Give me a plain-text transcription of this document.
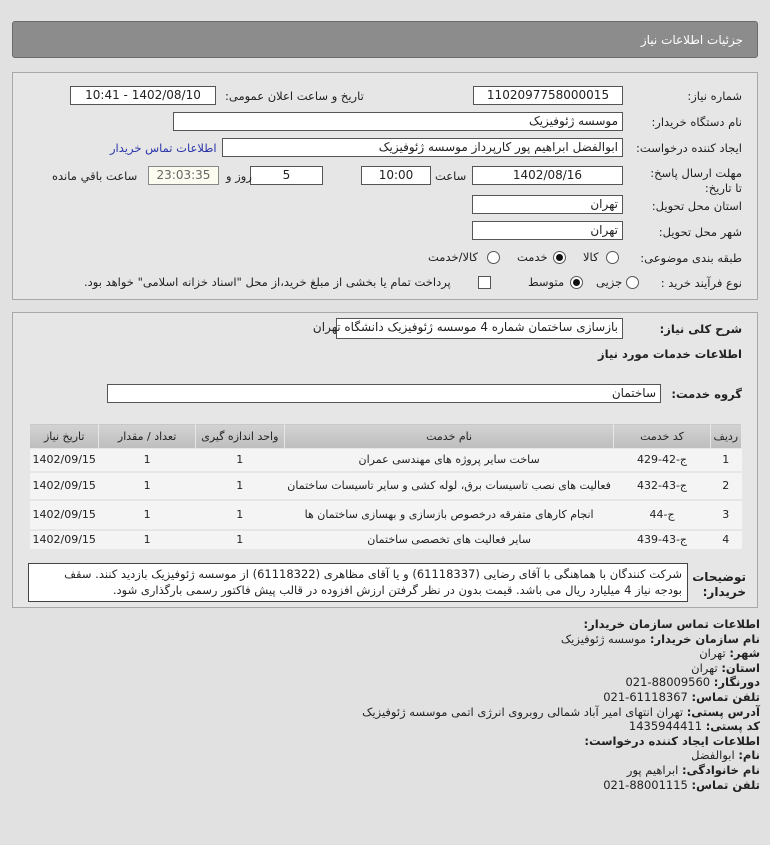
جزئیات اطلاعات نیاز
شماره نیاز:
1102097758000015
تاریخ و ساعت اعلان عمومی:
1402/08/10 - 10:41
نام دستگاه خریدار:
موسسه ژئوفیزیک
ایجاد کننده درخواست:
ابوالفضل ابراهیم پور کارپرداز موسسه ژئوفیزیک
اطلاعات تماس خریدار
مهلت ارسال پاسخ: تا تاریخ:
1402/08/16
ساعت
10:00
5
روز و
23:03:35
ساعت باقي مانده
استان محل تحویل:
تهران
شهر محل تحویل:
تهران
طبقه بندی موضوعی:
کالا
خدمت
کالا/خدمت
نوع فرآیند خرید :
جزیی
متوسط
پرداخت تمام یا بخشی از مبلغ خرید،از محل "اسناد خزانه اسلامی" خواهد بود.
شرح کلی نیاز:
بازسازی ساختمان شماره 4 موسسه ژئوفیزیک دانشگاه تهران
اطلاعات خدمات مورد نیاز
گروه خدمت:
ساختمان
ردیف	کد خدمت	نام خدمت	واحد اندازه گیری	تعداد / مقدار	تاریخ نیاز
1	ج-42-429	ساخت سایر پروژه های مهندسی عمران	1	1	1402/09/15
2	ج-43-432	فعالیت های نصب تاسیسات برق، لوله کشی و سایر تاسیسات ساختمان	1	1	1402/09/15
3	ج-44	انجام کارهای متفرقه درخصوص بازسازی و بهسازی ساختمان ها	1	1	1402/09/15
4	ج-43-439	سایر فعالیت های تخصصی ساختمان	1	1	1402/09/15
توضیحات خریدار:
شرکت کنندگان با هماهنگی با آقای رضایی (61118337) و یا آقای مظاهری (61118322) از موسسه ژئوفیزیک بازدید کنند. سقف بودجه نیاز 4 میلیارد ریال می باشد. قیمت بدون در نظر گرفتن ارزش افزوده در قالب پیش فاکتور رسمی بارگذاری شود.
اطلاعات تماس سازمان خریدار:
نام سازمان خریدار: موسسه ژئوفیزیک
شهر: تهران
استان: تهران
دورنگار: 88009560-021
تلفن تماس: 61118367-021
آدرس پستی: تهران انتهای امیر آباد شمالی روبروی انرژی اتمی موسسه ژئوفیزیک
کد پستی: 1435944411
اطلاعات ایجاد کننده درخواست:
نام: ابوالفضل
نام خانوادگی: ابراهیم پور
تلفن تماس: 88001115-021
